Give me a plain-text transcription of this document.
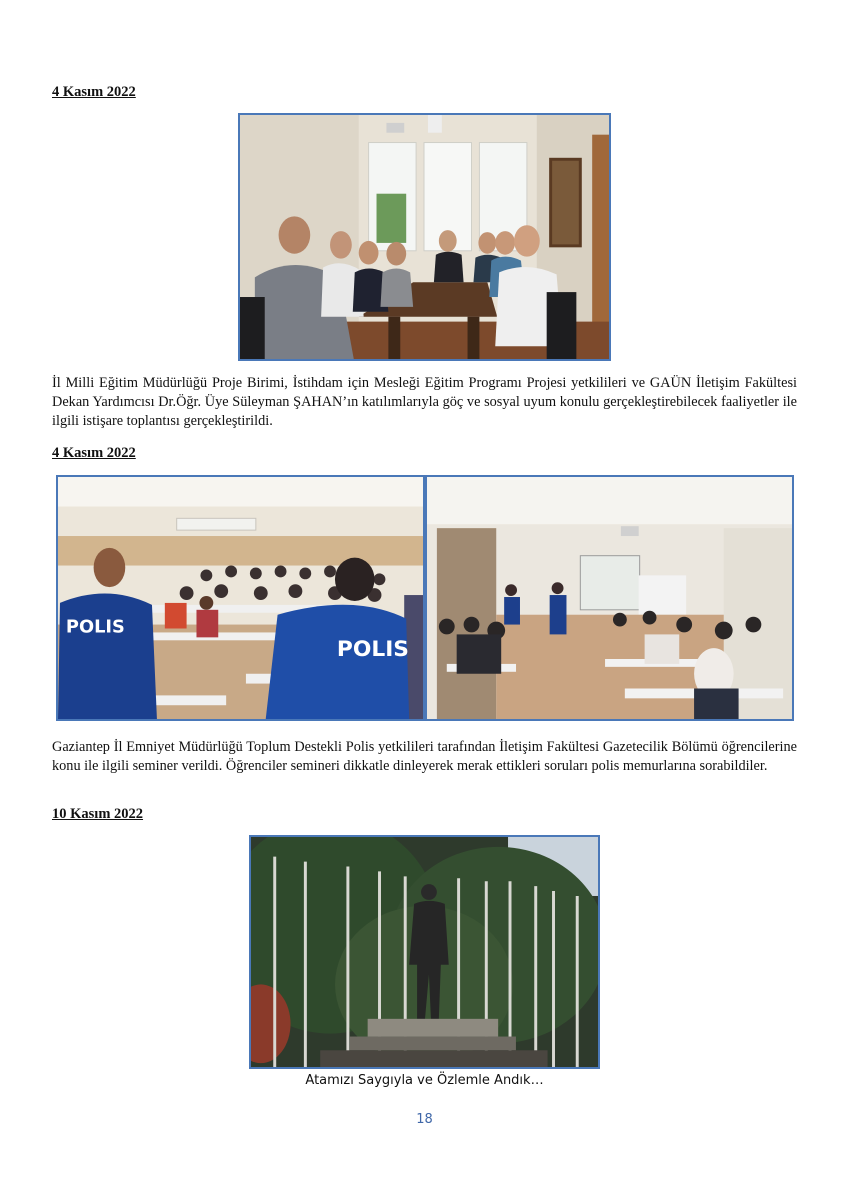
4 Kasım 2022
İl Milli Eğitim Müdürlüğü Proje Birimi, İstihdam için Mesleği Eğitim Programı Projesi yetkilileri ve GAÜN İletişim Fakültesi Dekan Yardımcısı Dr.Öğr. Üye Süleyman ŞAHAN’ın katılımlarıyla göç ve sosyal uyum konulu gerçekleştirebilecek faaliyetler ile ilgili istişare toplantısı gerçekleştirildi.
4 Kasım 2022
POLIS
POLIS
Gaziantep İl Emniyet Müdürlüğü Toplum Destekli Polis yetkilileri tarafından İletişim Fakültesi Gazetecilik Bölümü öğrencilerine konu ile ilgili seminer verildi. Öğrenciler semineri dikkatle dinleyerek merak ettikleri soruları polis memurlarına sorabildiler.
10 Kasım 2022
Atamızı Saygıyla ve Özlemle Andık…
18
